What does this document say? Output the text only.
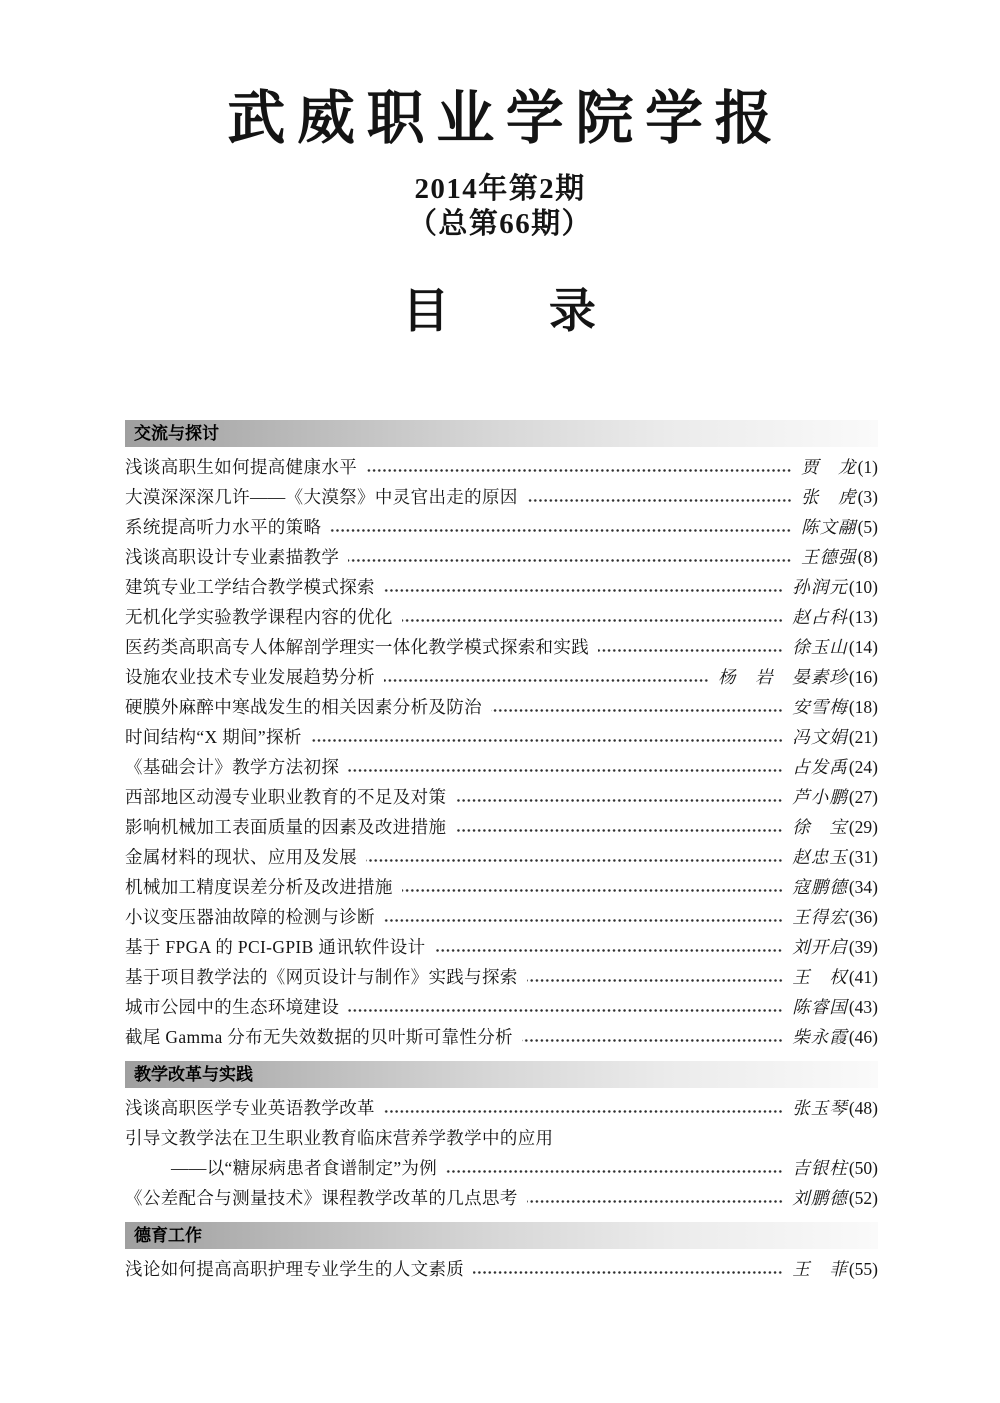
武威职业学院学报
2014年第2期
（总第66期）
目　　录
交流与探讨
浅谈高职生如何提高健康水平	贾　龙 (1)
大漠深深深几许——《大漠祭》中灵官出走的原因	张　虎 (3)
系统提高听力水平的策略	陈文翮 (5)
浅谈高职设计专业素描教学	王德强 (8)
建筑专业工学结合教学模式探索	孙润元 (10)
无机化学实验教学课程内容的优化	赵占科 (13)
医药类高职高专人体解剖学理实一体化教学模式探索和实践	徐玉山 (14)
设施农业技术专业发展趋势分析	杨　岩　晏素珍 (16)
硬膜外麻醉中寒战发生的相关因素分析及防治	安雪梅 (18)
时间结构“X 期间”探析	冯文娟 (21)
《基础会计》教学方法初探	占发禹 (24)
西部地区动漫专业职业教育的不足及对策	芦小鹏 (27)
影响机械加工表面质量的因素及改进措施	徐　宝 (29)
金属材料的现状、应用及发展	赵忠玉 (31)
机械加工精度误差分析及改进措施	寇鹏德 (34)
小议变压器油故障的检测与诊断	王得宏 (36)
基于 FPGA 的 PCI-GPIB 通讯软件设计	刘开启 (39)
基于项目教学法的《网页设计与制作》实践与探索	王　权 (41)
城市公园中的生态环境建设	陈睿国 (43)
截尾 Gamma 分布无失效数据的贝叶斯可靠性分析	柴永霞 (46)
教学改革与实践
浅谈高职医学专业英语教学改革	张玉琴 (48)
引导文教学法在卫生职业教育临床营养学教学中的应用
——以“糖尿病患者食谱制定”为例	吉银柱 (50)
《公差配合与测量技术》课程教学改革的几点思考	刘鹏德 (52)
德育工作
浅论如何提高高职护理专业学生的人文素质	王　菲 (55)
